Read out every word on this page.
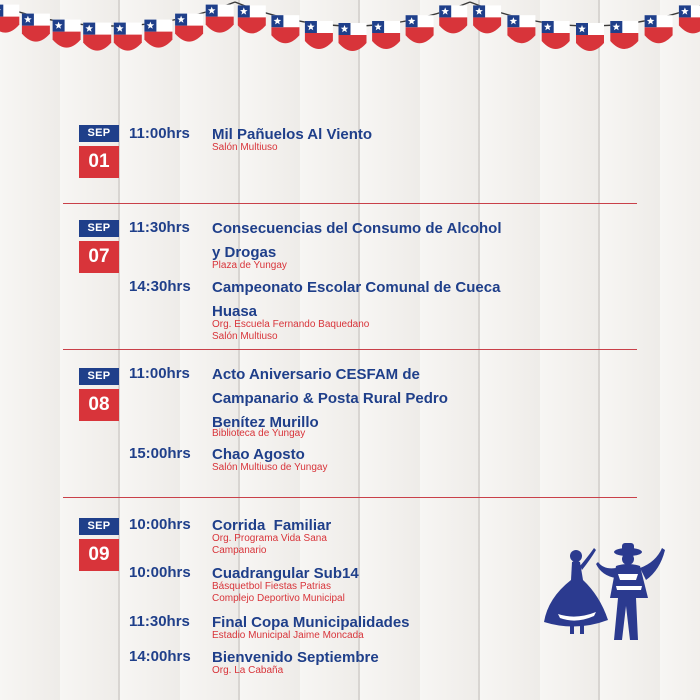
SEP
01
11:00hrs Mil Pañuelos Al Viento
Salón Multiuso
SEP
07
11:30hrs Consecuencias del Consumo de Alcohol y Drogas
Plaza de Yungay
14:30hrs Campeonato Escolar Comunal de Cueca Huasa
Org. Escuela Fernando Baquedano
Salón Multiuso
SEP
08
11:00hrs Acto Aniversario CESFAM de Campanario & Posta Rural Pedro Benítez Murillo
Biblioteca de Yungay
15:00hrs Chao Agosto
Salón Multiuso de Yungay
SEP
09
10:00hrs Corrida  Familiar
Org. Programa Vida Sana
Campanario
10:00hrs Cuadrangular Sub14
Básquetbol Fiestas Patrias
Complejo Deportivo Municipal
11:30hrs Final Copa Municipalidades
Estadio Municipal Jaime Moncada
14:00hrs Bienvenido Septiembre
Org. La Cabaña
